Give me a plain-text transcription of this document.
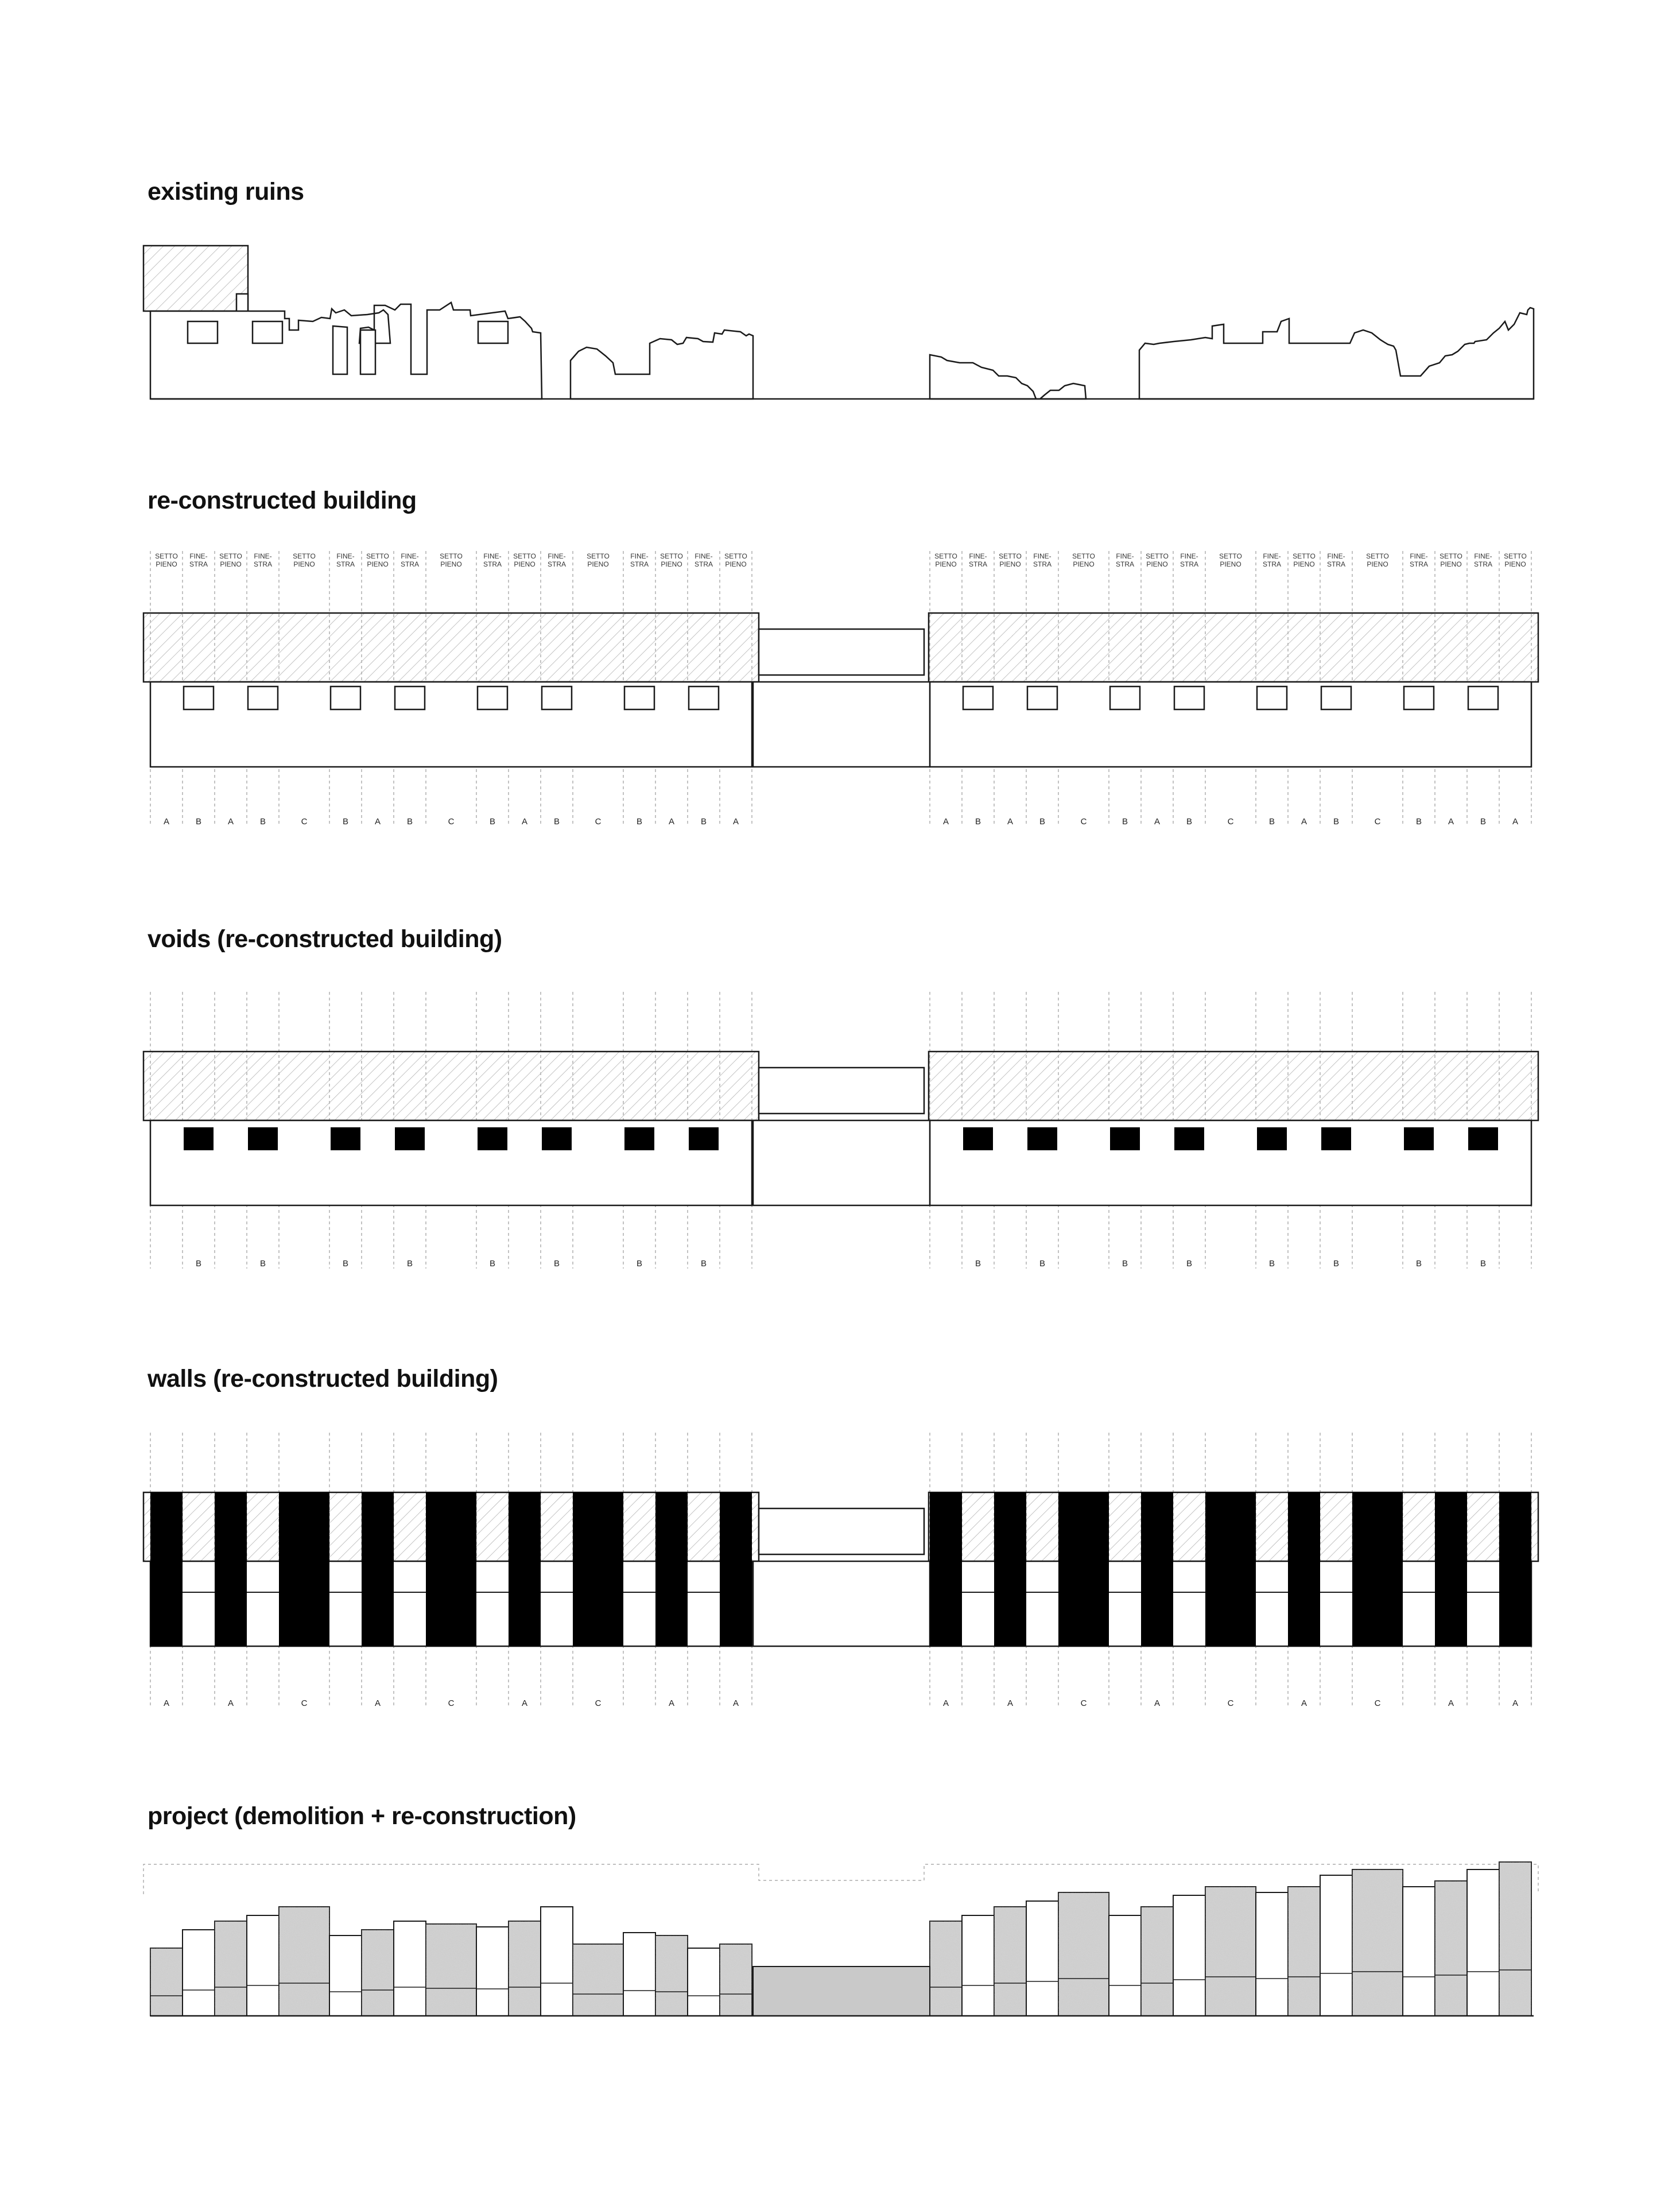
existing ruins
re-constructed building
voids (re-constructed building)
walls (re-constructed building)
project (demolition + re-construction)
SETTO
PIENO
FINE-
STRA
SETTO
PIENO
FINE-
STRA
SETTO
PIENO
FINE-
STRA
SETTO
PIENO
FINE-
STRA
SETTO
PIENO
FINE-
STRA
SETTO
PIENO
FINE-
STRA
SETTO
PIENO
FINE-
STRA
SETTO
PIENO
FINE-
STRA
SETTO
PIENO
SETTO
PIENO
FINE-
STRA
SETTO
PIENO
FINE-
STRA
SETTO
PIENO
FINE-
STRA
SETTO
PIENO
FINE-
STRA
SETTO
PIENO
FINE-
STRA
SETTO
PIENO
FINE-
STRA
SETTO
PIENO
FINE-
STRA
SETTO
PIENO
FINE-
STRA
SETTO
PIENO
A	B	A	B	C	B	A	B	C	B	A	B	C	B	A	B	A	A	B	A	B	C	B	A	B	C	B	A	B	C	B	A	B	A
B	B	B	B	B	B	B	B	B	B	B	B	B	B	B	B
A	A	C	A	C	A	C	A	A	A	A	C	A	C	A	C	A	A
